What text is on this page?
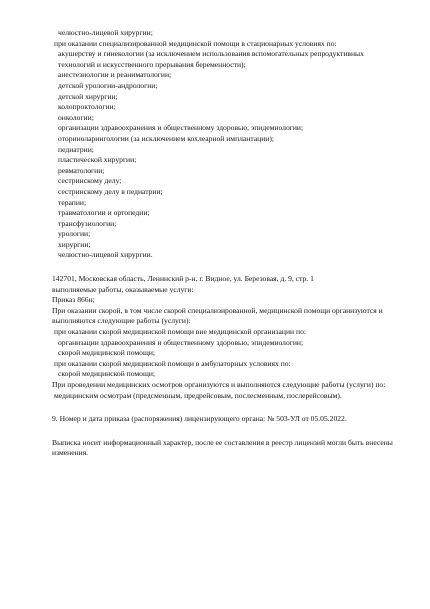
челюстно-лицевой хирургии;
при оказании специализированной медицинской помощи в стационарных условиях по:
акушерству и гинекологии (за исключением использования вспомогательных репродуктивных технологий и искусственного прерывания беременности);
анестезиологии и реаниматологии;
детской урологии-андрологии;
детской хирургии;
колопроктологии;
онкологии;
организации здравоохранения и общественному здоровью, эпидемиологии;
оториноларингологии (за исключением кохлеарной имплантации);
педиатрии;
пластической хирургии;
ревматологии;
сестринскому делу;
сестринскому делу в педиатрии;
терапии;
травматологии и ортопедии;
трансфузиологии;
урологии;
хирургии;
челюстно-лицевой хирургии.
142701, Московская область, Ленинский р-н, г. Видное, ул. Березовая, д. 9, стр. 1
выполняемые работы, оказываемые услуги:
Приказ 866н;
При оказании скорой, в том числе скорой специализированной, медицинской помощи организуются и выполняются следующие работы (услуги):
при оказании скорой медицинской помощи вне медицинской организации по:
организации здравоохранения и общественному здоровью, эпидемиологии;
скорой медицинской помощи;
при оказании скорой медицинской помощи в амбулаторных условиях по:
скорой медицинской помощи;
При проведении медицинских осмотров организуются и выполняются следующие работы (услуги) по:
медицинским осмотрам (предсменным, предрейсовым, послесменным, послерейсовым).
9. Номер и дата приказа (распоряжения) лицензирующего органа: № 503-УЛ от 05.05.2022.
Выписка носит информационный характер, после ее составления в реестр лицензий могли быть внесены изменения.
